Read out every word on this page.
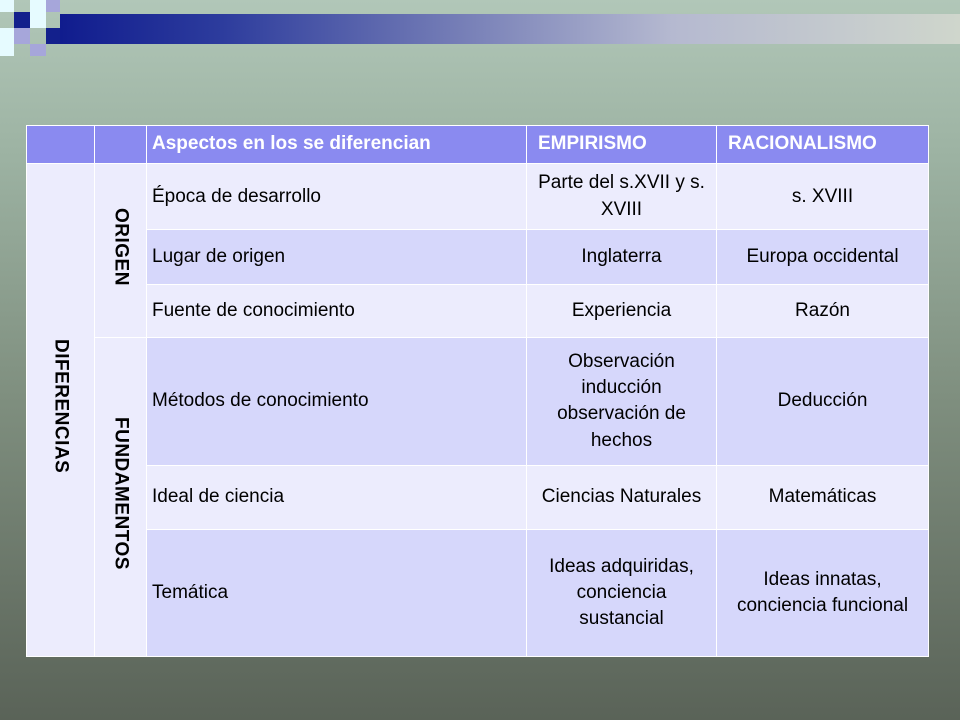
		Aspectos en los se diferencian	EMPIRISMO	RACIONALISMO
DIFERENCIAS	ORIGEN	Época de desarrollo	Parte del s.XVII y s. XVIII	s. XVIII
		Lugar de origen	Inglaterra	Europa occidental
		Fuente de conocimiento	Experiencia	Razón
	FUNDAMENTOS	Métodos de conocimiento	Observación inducción observación de hechos	Deducción
		Ideal de ciencia	Ciencias Naturales	Matemáticas
		Temática	Ideas adquiridas, conciencia sustancial	Ideas innatas, conciencia funcional
